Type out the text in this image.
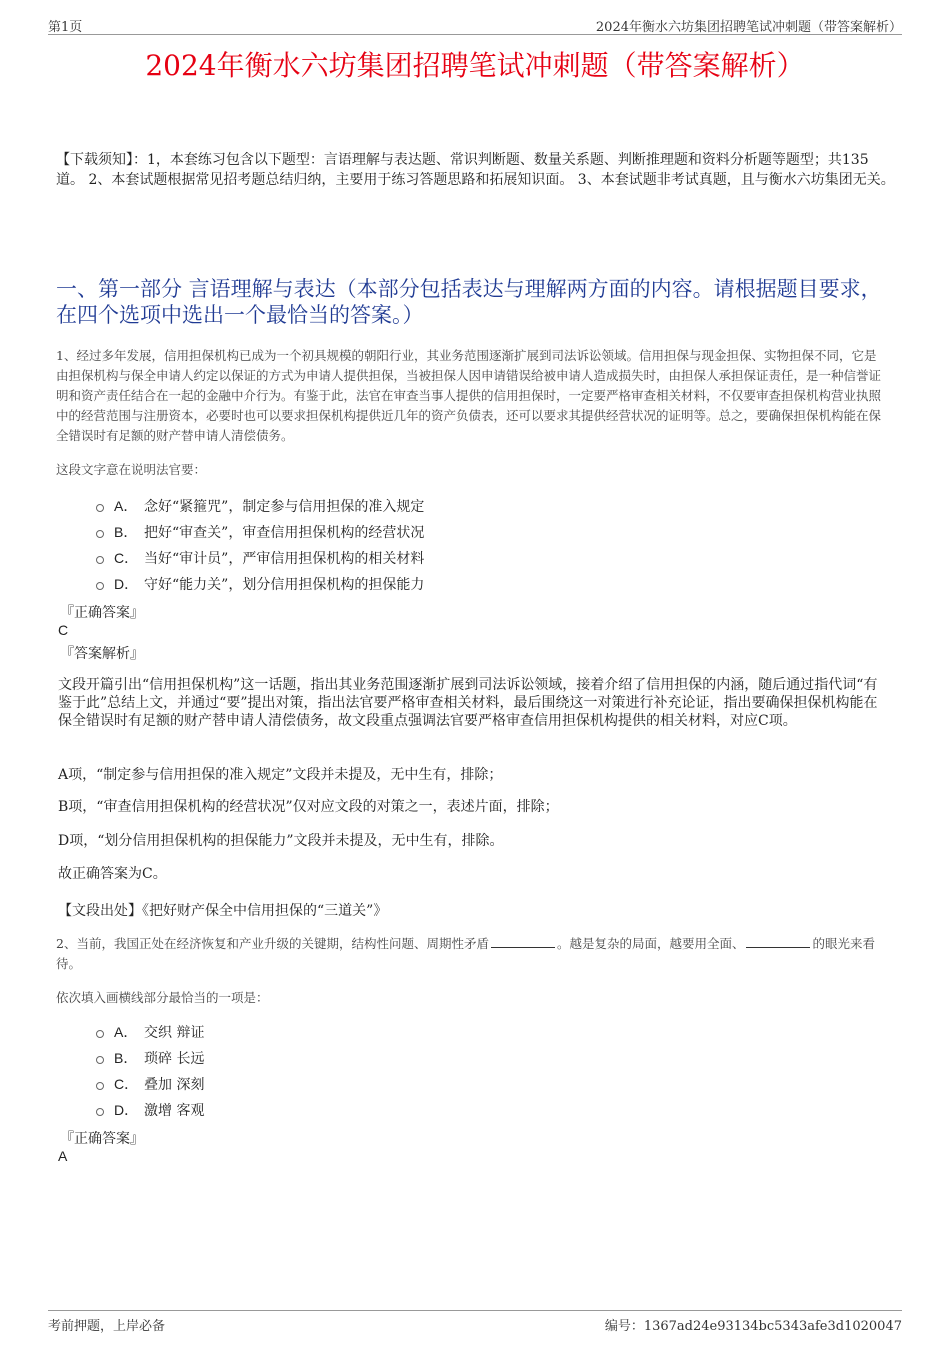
第1页	2024年衡水六坊集团招聘笔试冲刺题（带答案解析）
2024年衡水六坊集团招聘笔试冲刺题（带答案解析）
【下载须知】：1，本套练习包含以下题型：言语理解与表达题、常识判断题、数量关系题、判断推理题和资料分析题等题型；共135道。 2、本套试题根据常见招考题总结归纳，主要用于练习答题思路和拓展知识面。 3、本套试题非考试真题，且与衡水六坊集团无关。
一、第一部分 言语理解与表达（本部分包括表达与理解两方面的内容。请根据题目要求，在四个选项中选出一个最恰当的答案。）
1、经过多年发展，信用担保机构已成为一个初具规模的朝阳行业，其业务范围逐渐扩展到司法诉讼领域。信用担保与现金担保、实物担保不同，它是由担保机构与保全申请人约定以保证的方式为申请人提供担保，当被担保人因申请错误给被申请人造成损失时，由担保人承担保证责任，是一种信誉证明和资产责任结合在一起的金融中介行为。有鉴于此，法官在审查当事人提供的信用担保时，一定要严格审查相关材料，不仅要审查担保机构营业执照中的经营范围与注册资本，必要时也可以要求担保机构提供近几年的资产负债表，还可以要求其提供经营状况的证明等。总之，要确保担保机构能在保全错误时有足额的财产替申请人清偿债务。
这段文字意在说明法官要：
A． 念好“紧箍咒”，制定参与信用担保的准入规定
B． 把好“审查关”，审查信用担保机构的经营状况
C． 当好“审计员”，严审信用担保机构的相关材料
D． 守好“能力关”，划分信用担保机构的担保能力
『正确答案』
C
『答案解析』
文段开篇引出“信用担保机构”这一话题，指出其业务范围逐渐扩展到司法诉讼领域，接着介绍了信用担保的内涵，随后通过指代词“有鉴于此”总结上文，并通过“要”提出对策，指出法官要严格审查相关材料，最后围绕这一对策进行补充论证，指出要确保担保机构能在保全错误时有足额的财产替申请人清偿债务，故文段重点强调法官要严格审查信用担保机构提供的相关材料，对应C项。
A项，“制定参与信用担保的准入规定”文段并未提及，无中生有，排除；
B项，“审查信用担保机构的经营状况”仅对应文段的对策之一，表述片面，排除；
D项，“划分信用担保机构的担保能力”文段并未提及，无中生有，排除。
故正确答案为C。
【文段出处】《把好财产保全中信用担保的“三道关”》
2、当前，我国正处在经济恢复和产业升级的关键期，结构性问题、周期性矛盾	。越是复杂的局面，越要用全面、	的眼光来看待。
依次填入画横线部分最恰当的一项是：
A． 交织 辩证
B． 琐碎 长远
C． 叠加 深刻
D． 激增 客观
『正确答案』
A
考前押题，上岸必备	编号：1367ad24e93134bc5343afe3d1020047
